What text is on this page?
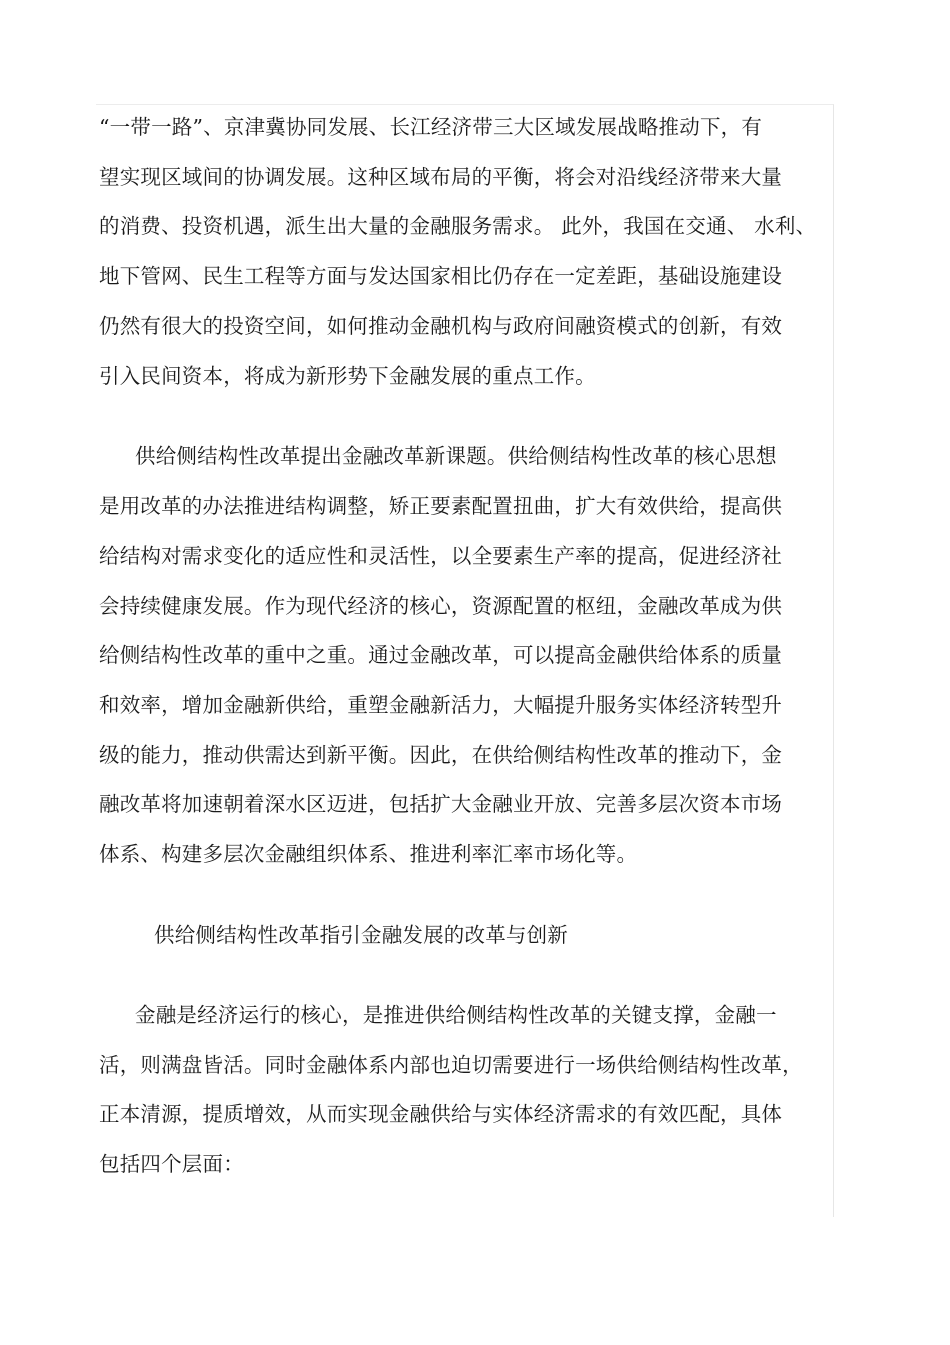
“一带一路”、京津冀协同发展、长江经济带三大区域发展战略推动下，有
望实现区域间的协调发展。这种区域布局的平衡，将会对沿线经济带来大量
的消费、投资机遇，派生出大量的金融服务需求。 此外，我国在交通、 水利、
地下管网、民生工程等方面与发达国家相比仍存在一定差距，基础设施建设
仍然有很大的投资空间，如何推动金融机构与政府间融资模式的创新，有效
引入民间资本，将成为新形势下金融发展的重点工作。
供给侧结构性改革提出金融改革新课题。供给侧结构性改革的核心思想
是用改革的办法推进结构调整，矫正要素配置扭曲，扩大有效供给，提高供
给结构对需求变化的适应性和灵活性，以全要素生产率的提高，促进经济社
会持续健康发展。作为现代经济的核心，资源配置的枢纽，金融改革成为供
给侧结构性改革的重中之重。通过金融改革，可以提高金融供给体系的质量
和效率，增加金融新供给，重塑金融新活力，大幅提升服务实体经济转型升
级的能力，推动供需达到新平衡。因此，在供给侧结构性改革的推动下，金
融改革将加速朝着深水区迈进，包括扩大金融业开放、完善多层次资本市场
体系、构建多层次金融组织体系、推进利率汇率市场化等。
供给侧结构性改革指引金融发展的改革与创新
金融是经济运行的核心，是推进供给侧结构性改革的关键支撑，金融一
活，则满盘皆活。同时金融体系内部也迫切需要进行一场供给侧结构性改革，
正本清源，提质增效，从而实现金融供给与实体经济需求的有效匹配，具体
包括四个层面：
